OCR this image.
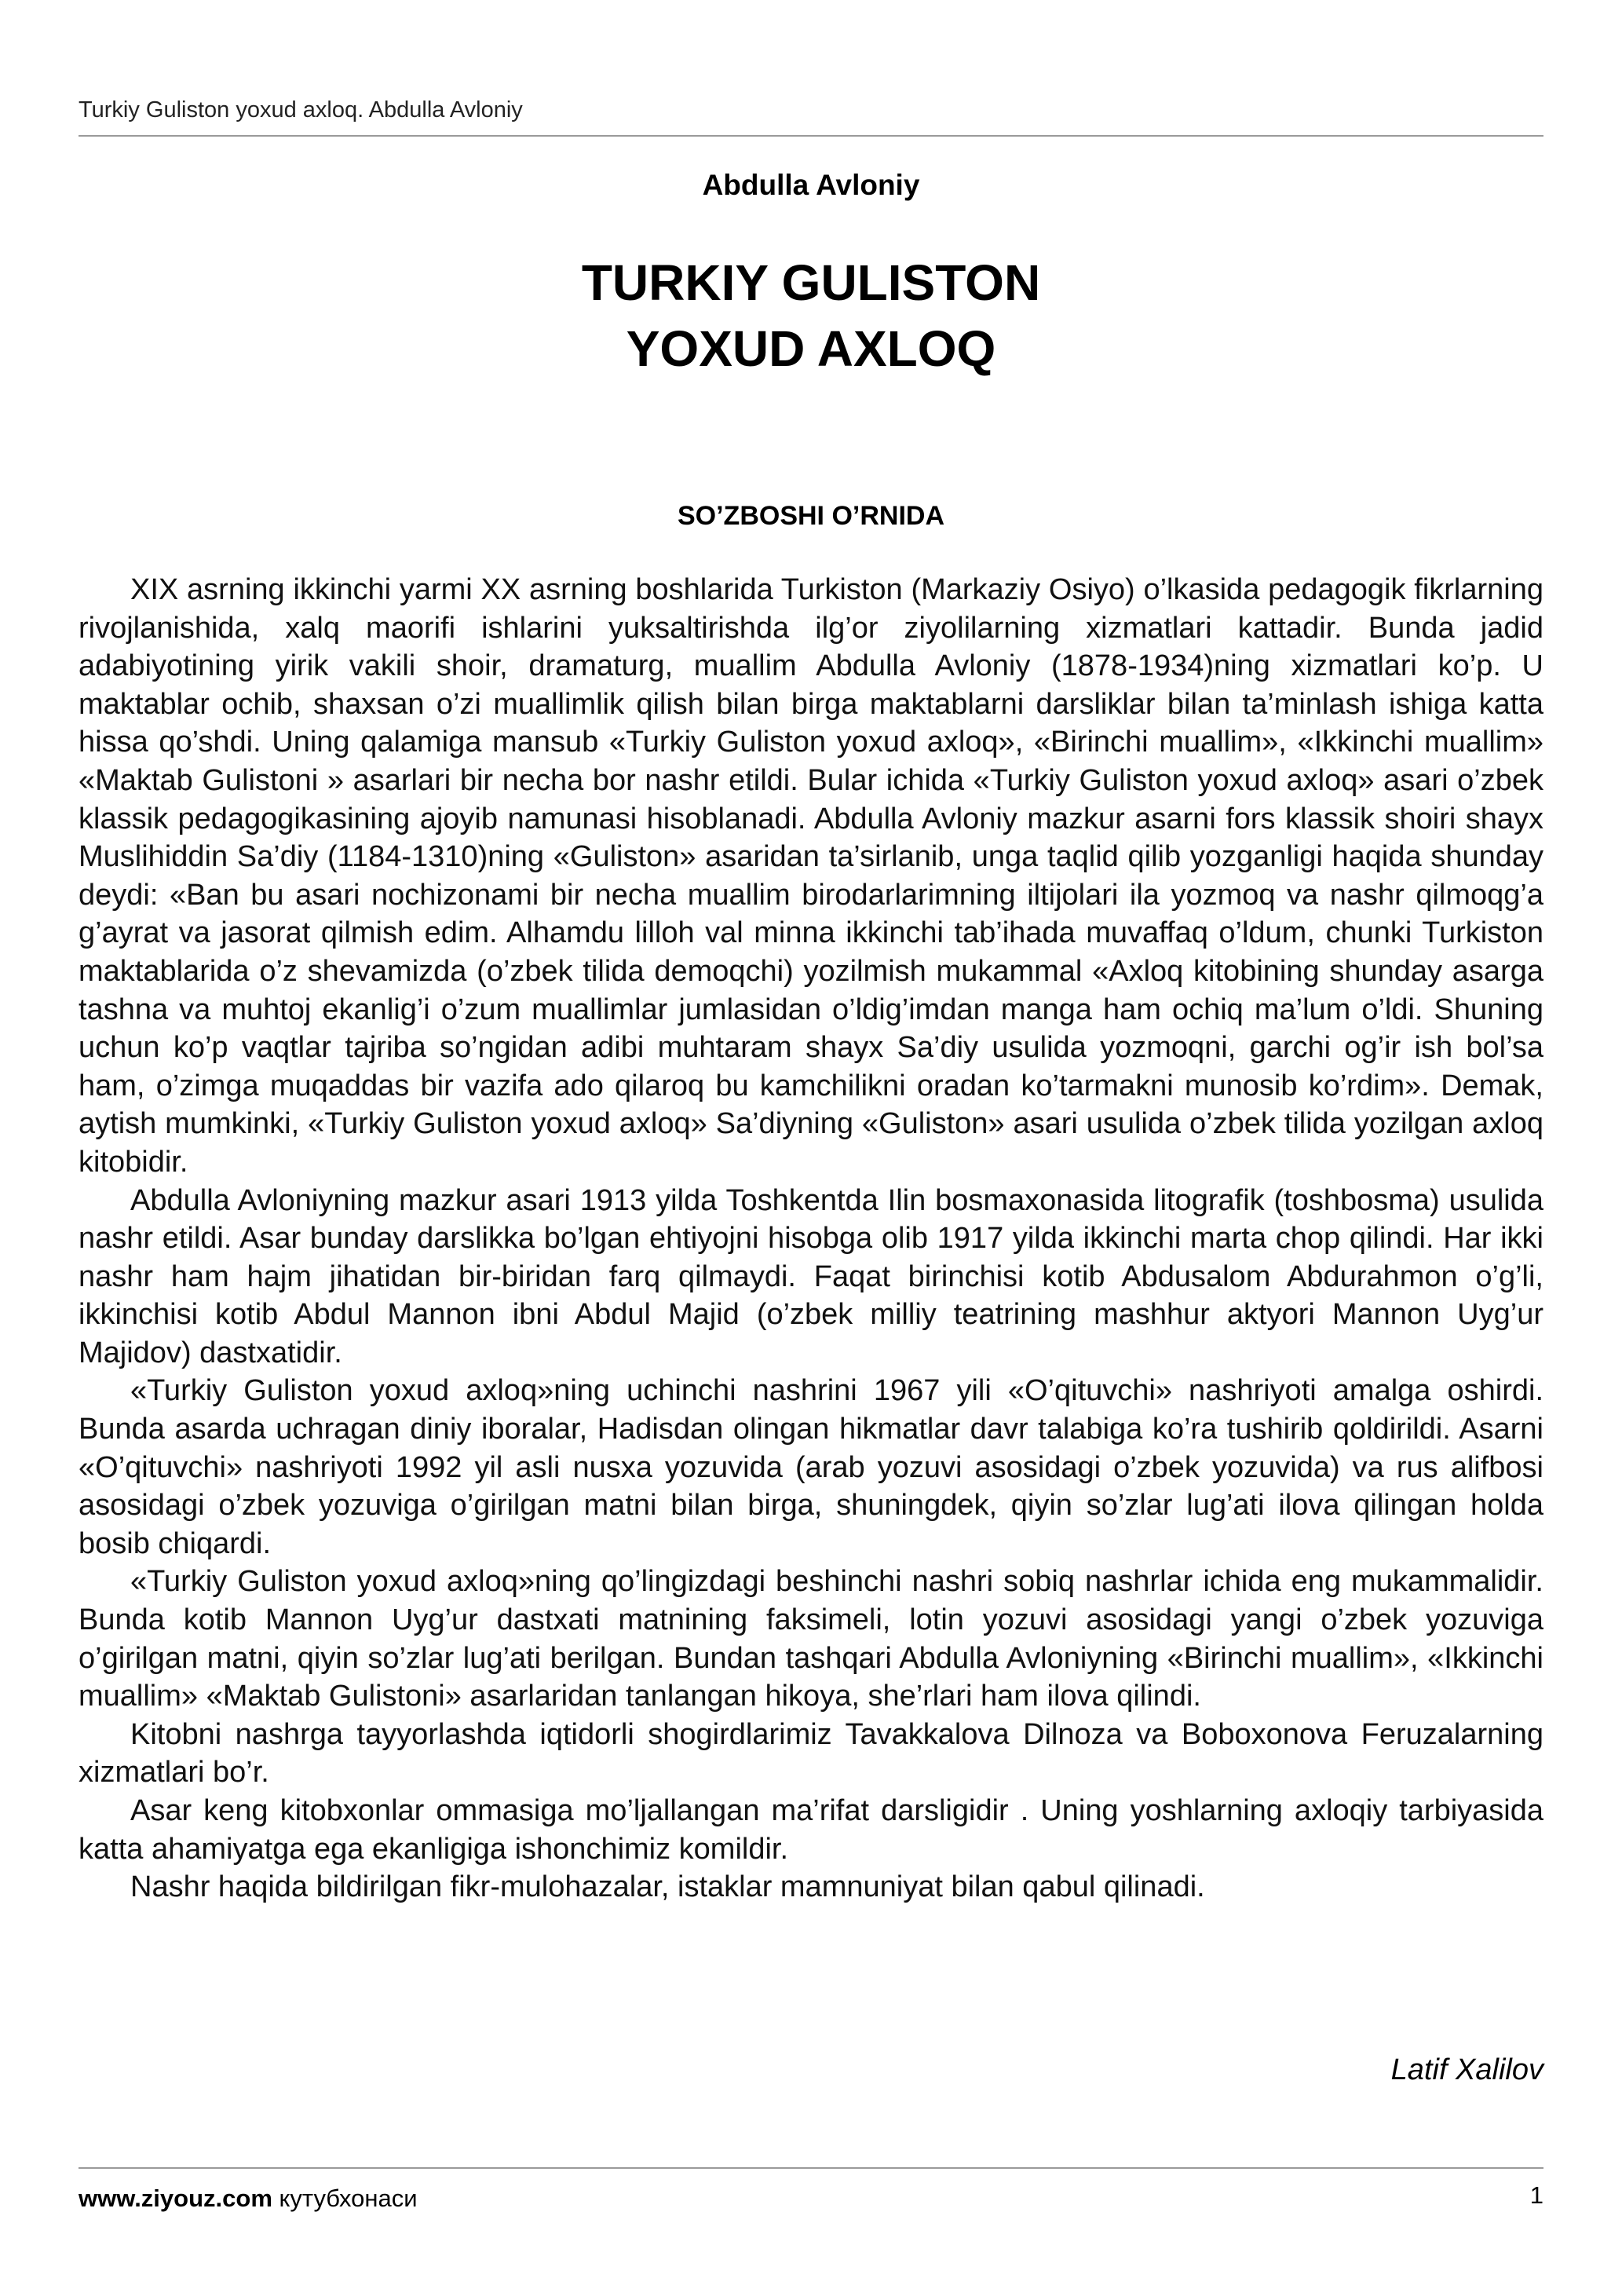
Turkiy Guliston yoxud axloq. Abdulla Avloniy
Abdulla Avloniy
TURKIY GULISTON
YOXUD AXLOQ
SO’ZBOSHI O’RNIDA

XIX asrning ikkinchi yarmi XX asrning boshlarida Turkiston (Markaziy Osiyo) o’lkasida pedagogik fikrlarning rivojlanishida, xalq maorifi ishlarini yuksaltirishda ilg’or ziyolilarning xizmatlari kattadir. Bunda jadid adabiyotining yirik vakili shoir, dramaturg, muallim Abdulla Avloniy (1878-1934)ning xizmatlari ko’p. U maktablar ochib, shaxsan o’zi muallimlik qilish bilan birga maktablarni darsliklar bilan ta’minlash ishiga katta hissa qo’shdi. Uning qalamiga mansub «Turkiy Guliston yoxud axloq», «Birinchi muallim», «Ikkinchi muallim» «Maktab Gulistoni » asarlari bir necha bor nashr etildi. Bular ichida «Turkiy Guliston yoxud axloq» asari o’zbek klassik pedagogikasining ajoyib namunasi hisoblanadi. Abdulla Avloniy mazkur asarni fors klassik shoiri shayx Muslihiddin Sa’diy (1184-1310)ning «Guliston» asaridan ta’sirlanib, unga taqlid qilib yozganligi haqida shunday deydi: «Ban bu asari nochizonami bir necha muallim birodarlarimning iltijolari ila yozmoq va nashr qilmoqg’a g’ayrat va jasorat qilmish edim. Alhamdu lilloh val minna ikkinchi tab’ihada muvaffaq o’ldum, chunki Turkiston maktablarida o’z shevamizda (o’zbek tilida demoqchi) yozilmish mukammal «Axloq kitobining shunday asarga tashna va muhtoj ekanlig’i o’zum muallimlar jumlasidan o’ldig’imdan manga ham ochiq ma’lum o’ldi. Shuning uchun ko’p vaqtlar tajriba so’ngidan adibi muhtaram shayx Sa’diy usulida yozmoqni, garchi og’ir ish bol’sa ham, o’zimga muqaddas bir vazifa ado qilaroq bu kamchilikni oradan ko’tarmakni munosib ko’rdim». Demak, aytish mumkinki, «Turkiy Guliston yoxud axloq» Sa’diyning «Guliston» asari usulida o’zbek tilida yozilgan axloq kitobidir.

Abdulla Avloniyning mazkur asari 1913 yilda Toshkentda Ilin bosmaxonasida litografik (toshbosma) usulida nashr etildi. Asar bunday darslikka bo’lgan ehtiyojni hisobga olib 1917 yilda ikkinchi marta chop qilindi. Har ikki nashr ham hajm jihatidan bir-biridan farq qilmaydi. Faqat birinchisi kotib Abdusalom Abdurahmon o’g’li, ikkinchisi kotib Abdul Mannon ibni Abdul Majid (o’zbek milliy teatrining mashhur aktyori Mannon Uyg’ur Majidov) dastxatidir.

«Turkiy Guliston yoxud axloq»ning uchinchi nashrini 1967 yili «O’qituvchi» nashriyoti amalga oshirdi. Bunda asarda uchragan diniy iboralar, Hadisdan olingan hikmatlar davr talabiga ko’ra tushirib qoldirildi. Asarni «O’qituvchi» nashriyoti 1992 yil asli nusxa yozuvida (arab yozuvi asosidagi o’zbek yozuvida) va rus alifbosi asosidagi o’zbek yozuviga o’girilgan matni bilan birga, shuningdek, qiyin so’zlar lug’ati ilova qilingan holda bosib chiqardi.

«Turkiy Guliston yoxud axloq»ning qo’lingizdagi beshinchi nashri sobiq nashrlar ichida eng mukammalidir. Bunda kotib Mannon Uyg’ur dastxati matnining faksimeli, lotin yozuvi asosidagi yangi o’zbek yozuviga o’girilgan matni, qiyin so’zlar lug’ati berilgan. Bundan tashqari Abdulla Avloniyning «Birinchi muallim», «Ikkinchi muallim» «Maktab Gulistoni» asarlaridan tanlangan hikoya, she’rlari ham ilova qilindi.

Kitobni nashrga tayyorlashda iqtidorli shogirdlarimiz Tavakkalova Dilnoza va Boboxonova Feruzalarning xizmatlari bo’r.

Asar keng kitobxonlar ommasiga mo’ljallangan ma’rifat darsligidir . Uning yoshlarning axloqiy tarbiyasida katta ahamiyatga ega ekanligiga ishonchimiz komildir.

Nashr haqida bildirilgan fikr-mulohazalar, istaklar mamnuniyat bilan qabul qilinadi.

Latif Xalilov
www.ziyouz.com кутубхонаси	1
